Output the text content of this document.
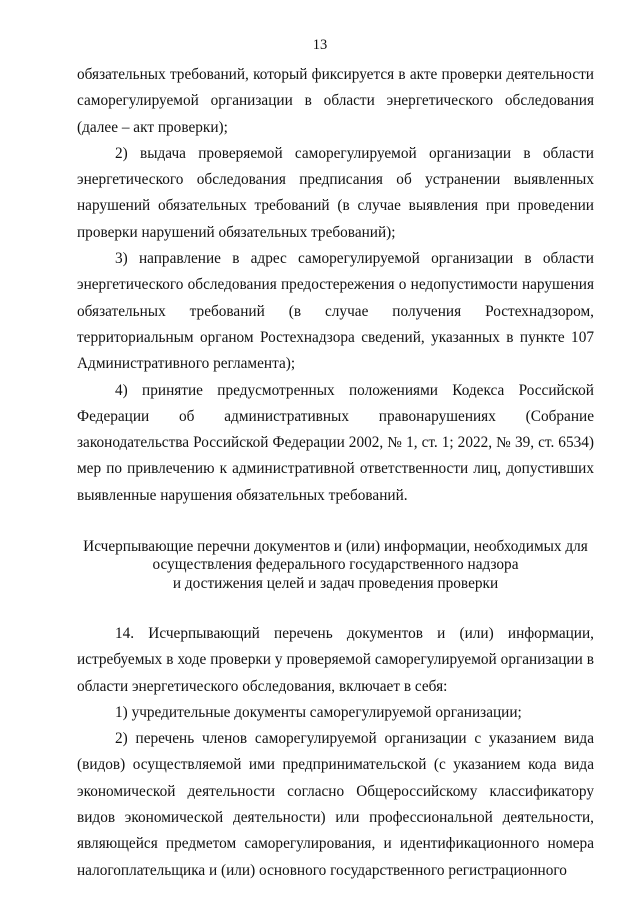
13

обязательных требований, который фиксируется в акте проверки деятельности саморегулируемой организации в области энергетического обследования (далее – акт проверки);

2) выдача проверяемой саморегулируемой организации в области энергетического обследования предписания об устранении выявленных нарушений обязательных требований (в случае выявления при проведении проверки нарушений обязательных требований);

3) направление в адрес саморегулируемой организации в области энергетического обследования предостережения о недопустимости нарушения обязательных требований (в случае получения Ростехнадзором, территориальным органом Ростехнадзора сведений, указанных в пункте 107 Административного регламента);

4) принятие предусмотренных положениями Кодекса Российской Федерации об административных правонарушениях (Собрание законодательства Российской Федерации 2002, № 1, ст. 1; 2022, № 39, ст. 6534) мер по привлечению к административной ответственности лиц, допустивших выявленные нарушения обязательных требований.

Исчерпывающие перечни документов и (или) информации, необходимых для
осуществления федерального государственного надзора
и достижения целей и задач проведения проверки

14. Исчерпывающий перечень документов и (или) информации, истребуемых в ходе проверки у проверяемой саморегулируемой организации в области энергетического обследования, включает в себя:

1) учредительные документы саморегулируемой организации;

2) перечень членов саморегулируемой организации с указанием вида (видов) осуществляемой ими предпринимательской (с указанием кода вида экономической деятельности согласно Общероссийскому классификатору видов экономической деятельности) или профессиональной деятельности, являющейся предметом саморегулирования, и идентификационного номера налогоплательщика и (или) основного государственного регистрационного
